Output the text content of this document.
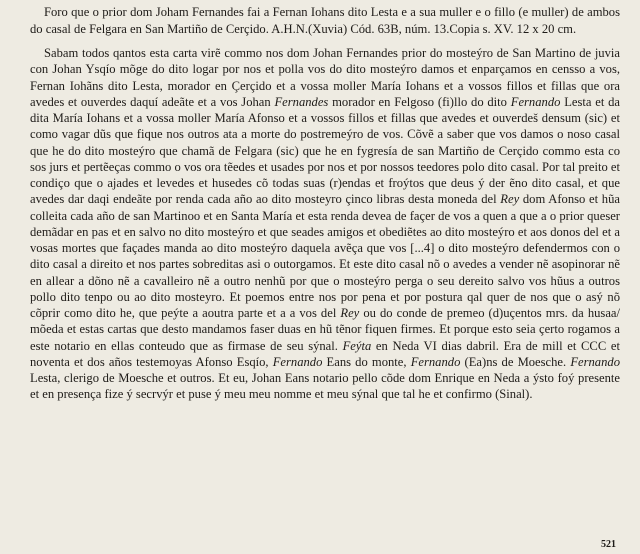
Foro que o prior dom Joham Fernandes fai a Fernan Iohans dito Lesta e a sua muller e o fillo (e muller) de ambos do casal de Felgara en San Martiño de Cerçido. A.H.N.(Xuvia) Cód. 63B, núm. 13.Copia s. XV. 12 x 20 cm.

Sabam todos qantos esta carta virẽ commo nos dom Johan Fernandes prior do mosteýro de San Martino de juvia con Johan Ysqío mõge do dito logar por nos et polla vos do dito mosteýro damos et enparçamos en censso a vos, Fernan Iohãns dito Lesta, morador en Çerçido et a vossa moller María Iohans et a vossos fillos et fillas que ora avedes et ouverdes daquí adeãte et a vos Johan Fernandes morador en Felgoso (fi)llo do dito Fernando Lesta et da dita María Iohans et a vossa moller María Afonso et a vossos fillos et fillas que avedes et ouverdeš densum (sic) et como vagar dũs que fique nos outros ata a morte do postremeýro de vos. Cõvẽ a saber que vos damos o noso casal que he do dito mosteýro que chamã de Felgara (sic) que he en fygresía de san Martiño de Cerçido commo esta co sos jurs et pertẽeças commo o vos ora tẽedes et usades por nos et por nossos teedores polo dito casal. Por tal preito et condiço que o ajades et levedes et husedes cõ todas suas (r)endas et froýtos que deus ý der ẽno dito casal, et que avedes dar daqi endeãte por renda cada año ao dito mosteyro çinco libras desta moneda del Rey dom Afonso et hũa colleita cada año de san Martinoo et en Santa María et esta renda devea de façer de vos a quen a que a o prior queser demãdar en pas et en salvo no dito mosteýro et que seades amigos et obediẽtes ao dito mosteýro et aos donos del et a vosas mortes que façades manda ao dito mosteýro daquela avẽça que vos [...4] o dito mosteýro defendermos con o dito casal a direito et nos partes sobreditas asi o outorgamos. Et este dito casal nõ o avedes a vender nẽ asopinorar nẽ en allear a dõno nẽ a cavalleiro nẽ a outro nenhũ por que o mosteýro perga o seu dereito salvo vos hũus a outros pollo dito tenpo ou ao dito mosteyro. Et poemos entre nos por pena et por postura qal quer de nos que o asý nõ cõprir como dito he, que peýte a aoutra parte et a a vos del Rey ou do conde de premeo (d)uçentos mrs. da husaa/ mõeda et estas cartas que desto mandamos faser duas en hũ tẽnor fiquen firmes. Et porque esto seia çerto rogamos a este notario en ellas conteudo que as firmase de seu sýnal. Feýta en Neda VI dias dabril. Era de mill et CCC et noventa et dos años testemoyas Afonso Esqío, Fernando Eans do monte, Fernando (Ea)ns de Moesche. Fernando Lesta, clerigo de Moesche et outros. Et eu, Johan Eans notario pello cõde dom Enrique en Neda a ýsto foý presente et en presença fize ý secrvýr et puse ý meu meu nomme et meu sýnal que tal he et confirmo (Sinal).

521
